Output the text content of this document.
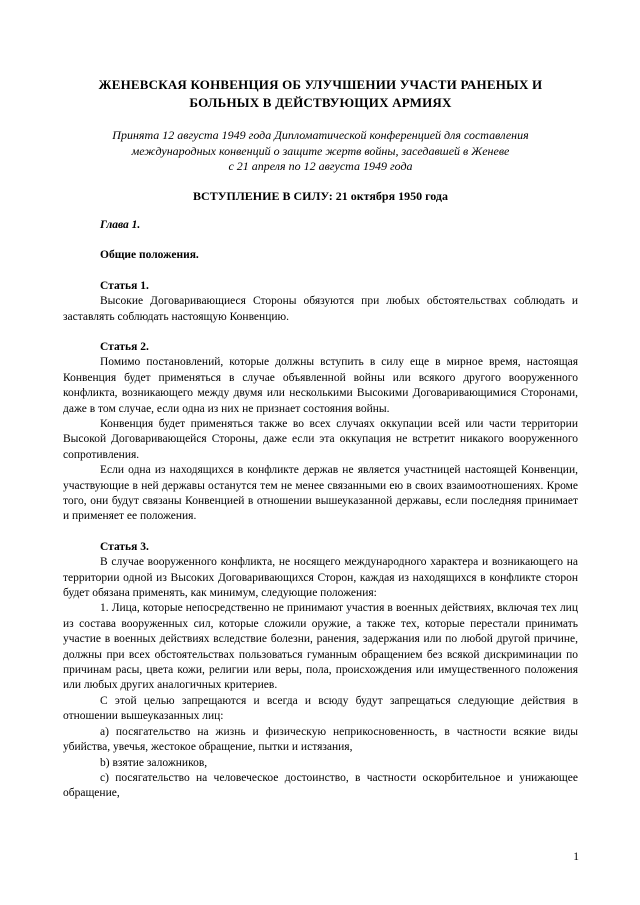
ЖЕНЕВСКАЯ КОНВЕНЦИЯ ОБ УЛУЧШЕНИИ УЧАСТИ РАНЕНЫХ И БОЛЬНЫХ В ДЕЙСТВУЮЩИХ АРМИЯХ
Принята 12 августа 1949 года Дипломатической конференцией для составления
международных конвенций о защите жертв войны, заседавшей в Женеве
с 21 апреля по 12 августа 1949 года
ВСТУПЛЕНИЕ В СИЛУ: 21 октября 1950 года
Глава 1.
Общие положения.
Статья 1.

Высокие Договаривающиеся Стороны обязуются при любых обстоятельствах соблюдать и заставлять соблюдать настоящую Конвенцию.

Статья 2.

Помимо постановлений, которые должны вступить в силу еще в мирное время, настоящая Конвенция будет применяться в случае объявленной войны или всякого другого вооруженного конфликта, возникающего между двумя или несколькими Высокими Договаривающимися Сторонами, даже в том случае, если одна из них не признает состояния войны.

Конвенция будет применяться также во всех случаях оккупации всей или части территории Высокой Договаривающейся Стороны, даже если эта оккупация не встретит никакого вооруженного сопротивления.

Если одна из находящихся в конфликте держав не является участницей настоящей Конвенции, участвующие в ней державы останутся тем не менее связанными ею в своих взаимоотношениях. Кроме того, они будут связаны Конвенцией в отношении вышеуказанной державы, если последняя принимает и применяет ее положения.

Статья 3.

В случае вооруженного конфликта, не носящего международного характера и возникающего на территории одной из Высоких Договаривающихся Сторон, каждая из находящихся в конфликте сторон будет обязана применять, как минимум, следующие положения:

1. Лица, которые непосредственно не принимают участия в военных действиях, включая тех лиц из состава вооруженных сил, которые сложили оружие, а также тех, которые перестали принимать участие в военных действиях вследствие болезни, ранения, задержания или по любой другой причине, должны при всех обстоятельствах пользоваться гуманным обращением без всякой дискриминации по причинам расы, цвета кожи, религии или веры, пола, происхождения или имущественного положения или любых других аналогичных критериев.

С этой целью запрещаются и всегда и всюду будут запрещаться следующие действия в отношении вышеуказанных лиц:

a) посягательство на жизнь и физическую неприкосновенность, в частности всякие виды убийства, увечья, жестокое обращение, пытки и истязания,

b) взятие заложников,

c) посягательство на человеческое достоинство, в частности оскорбительное и унижающее обращение,

1
